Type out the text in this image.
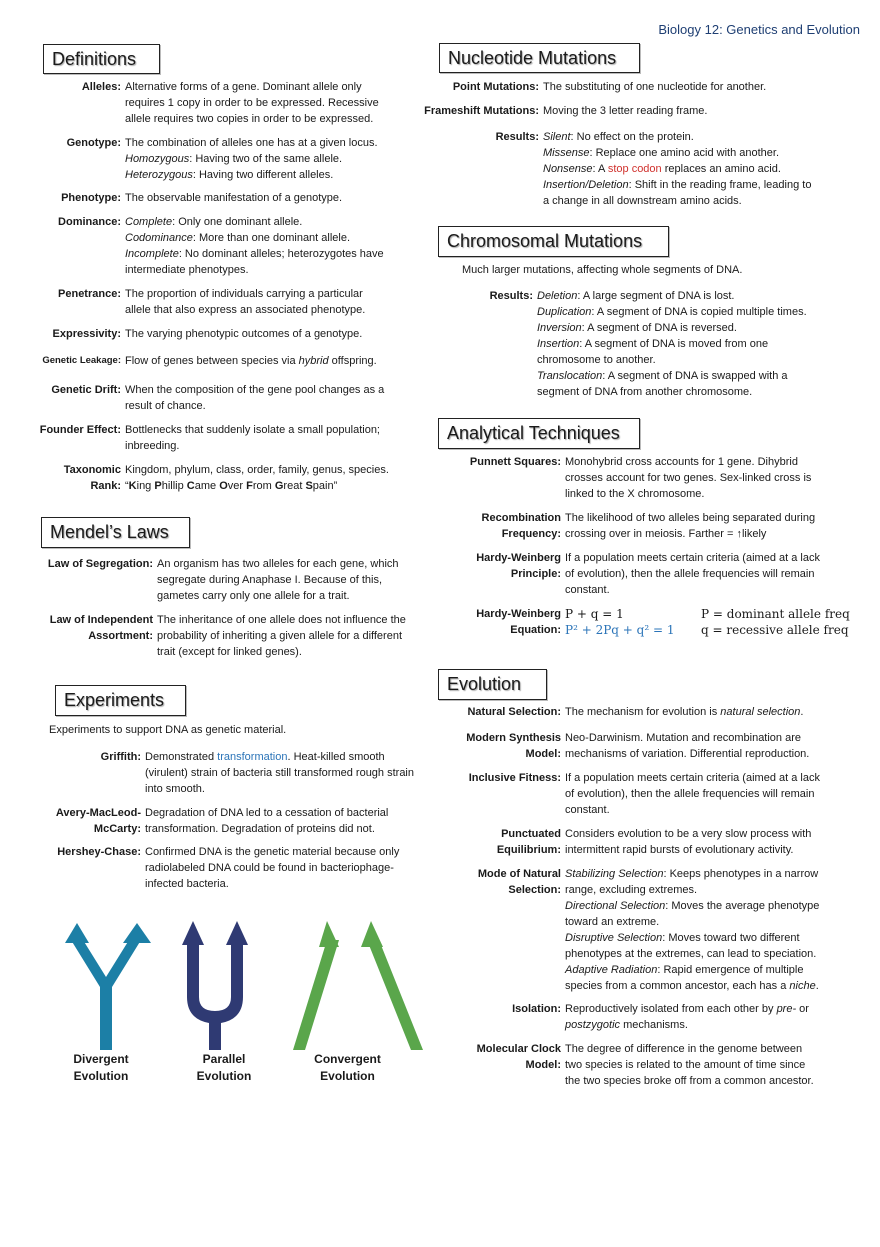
Biology 12: Genetics and Evolution
Definitions
Alleles: Alternative forms of a gene. Dominant allele only
requires 1 copy in order to be expressed. Recessive
allele requires two copies in order to be expressed.
Genotype: The combination of alleles one has at a given locus.
Homozygous: Having two of the same allele.
Heterozygous: Having two different alleles.
Phenotype: The observable manifestation of a genotype.
Dominance: Complete: Only one dominant allele.
Codominance: More than one dominant allele.
Incomplete: No dominant alleles; heterozygotes have
intermediate phenotypes.
Penetrance: The proportion of individuals carrying a particular
allele that also express an associated phenotype.
Expressivity: The varying phenotypic outcomes of a genotype.
Genetic Leakage: Flow of genes between species via hybrid offspring.
Genetic Drift: When the composition of the gene pool changes as a
result of chance.
Founder Effect: Bottlenecks that suddenly isolate a small population;
inbreeding.
Taxonomic
Rank:
Kingdom, phylum, class, order, family, genus, species.
“King Phillip Came Over From Great Spain”
Mendel’s Laws
Law of Segregation: An organism has two alleles for each gene, which
segregate during Anaphase I. Because of this,
gametes carry only one allele for a trait.
Law of Independent
Assortment:
The inheritance of one allele does not influence the
probability of inheriting a given allele for a different
trait (except for linked genes).
Experiments
Experiments to support DNA as genetic material.
Griffith: Demonstrated transformation. Heat-killed smooth
(virulent) strain of bacteria still transformed rough strain
into smooth.
Avery-MacLeod-
McCarty:
Degradation of DNA led to a cessation of bacterial
transformation. Degradation of proteins did not.
Hershey-Chase: Confirmed DNA is the genetic material because only
radiolabeled DNA could be found in bacteriophage-
infected bacteria.
Divergent
Evolution
Parallel
Evolution
Convergent
Evolution
Nucleotide Mutations
Point Mutations: The substituting of one nucleotide for another.
Frameshift Mutations: Moving the 3 letter reading frame.
Results: Silent: No effect on the protein.
Missense: Replace one amino acid with another.
Nonsense: A stop codon replaces an amino acid.
Insertion/Deletion: Shift in the reading frame, leading to
a change in all downstream amino acids.
Chromosomal Mutations
Much larger mutations, affecting whole segments of DNA.
Results: Deletion: A large segment of DNA is lost.
Duplication: A segment of DNA is copied multiple times.
Inversion: A segment of DNA is reversed.
Insertion: A segment of DNA is moved from one
chromosome to another.
Translocation: A segment of DNA is swapped with a
segment of DNA from another chromosome.
Analytical Techniques
Punnett Squares: Monohybrid cross accounts for 1 gene. Dihybrid
crosses account for two genes. Sex-linked cross is
linked to the X chromosome.
Recombination
Frequency:
The likelihood of two alleles being separated during
crossing over in meiosis. Farther = ↑likely
Hardy-Weinberg
Principle:
If a population meets certain criteria (aimed at a lack
of evolution), then the allele frequencies will remain
constant.
Hardy-Weinberg
Equation:
P + q = 1
P² + 2Pq + q² = 1
P = dominant allele freq
q = recessive allele freq
Evolution
Natural Selection: The mechanism for evolution is natural selection.
Modern Synthesis
Model:
Neo-Darwinism. Mutation and recombination are
mechanisms of variation. Differential reproduction.
Inclusive Fitness: If a population meets certain criteria (aimed at a lack
of evolution), then the allele frequencies will remain
constant.
Punctuated
Equilibrium:
Considers evolution to be a very slow process with
intermittent rapid bursts of evolutionary activity.
Mode of Natural
Selection:
Stabilizing Selection: Keeps phenotypes in a narrow
range, excluding extremes.
Directional Selection: Moves the average phenotype
toward an extreme.
Disruptive Selection: Moves toward two different
phenotypes at the extremes, can lead to speciation.
Adaptive Radiation: Rapid emergence of multiple
species from a common ancestor, each has a niche.
Isolation: Reproductively isolated from each other by pre- or
postzygotic mechanisms.
Molecular Clock
Model:
The degree of difference in the genome between
two species is related to the amount of time since
the two species broke off from a common ancestor.
